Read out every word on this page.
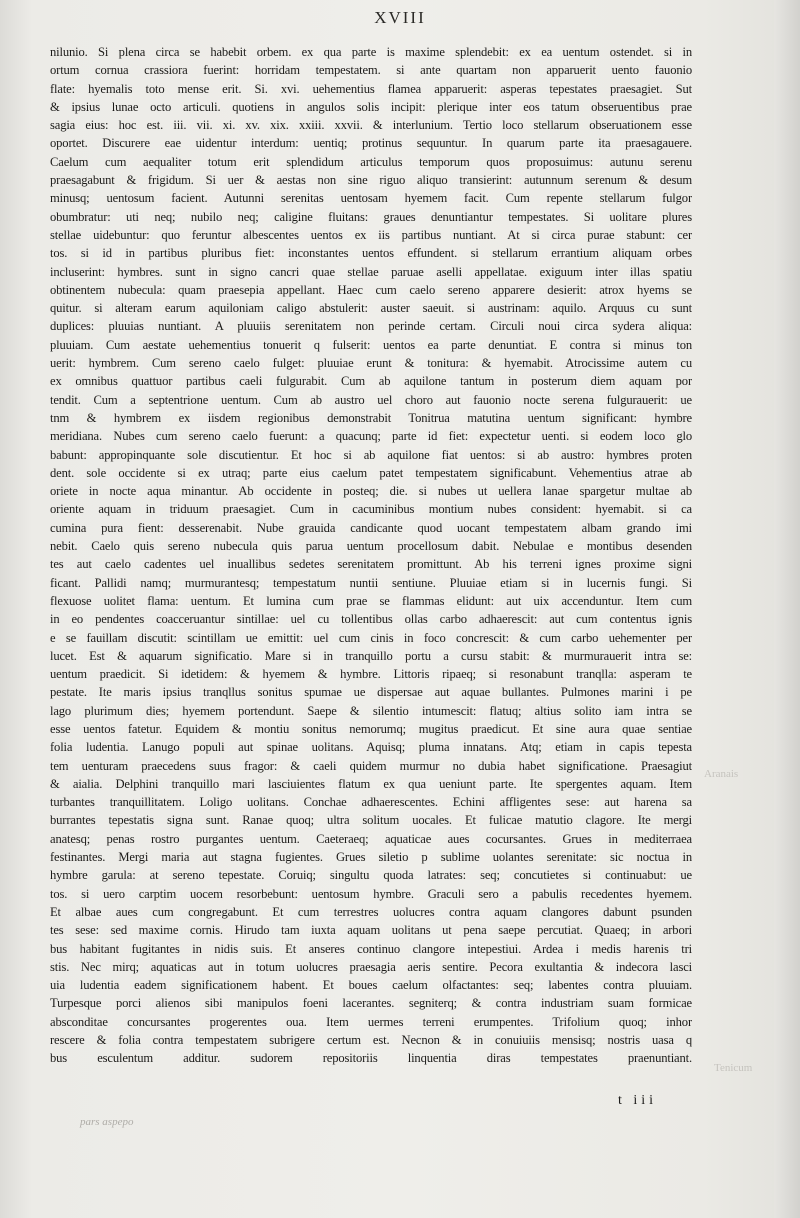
Aranais
Tenicum
pars aspepo
XVIII
nilunio. Si plena circa se habebit orbem. ex qua parte is maxime splendebit: ex ea uentum ostendet. si in
ortum cornua crassiora fuerint: horridam tempestatem. si ante quartam non apparuerit uento fauonio
flate: hyemalis toto mense erit. Si. xvi. uehementius flamea apparuerit: asperas tepestates praesagiet. Sut
& ipsius lunae octo articuli. quotiens in angulos solis incipit: plerique inter eos tatum obseruentibus prae
sagia eius: hoc est. iii. vii. xi. xv. xix. xxiii. xxvii. & interlunium. Tertio loco stellarum obseruationem esse
oportet. Discurere eae uidentur interdum: uentiq; protinus sequuntur. In quarum parte ita praesagauere.
Caelum cum aequaliter totum erit splendidum articulus temporum quos proposuimus: autunu serenu
praesagabunt & frigidum. Si uer & aestas non sine riguo aliquo transierint: autunnum serenum & desum
minusq; uentosum facient. Autunni serenitas uentosam hyemem facit. Cum repente stellarum fulgor
obumbratur: uti neq; nubilo neq; caligine fluitans: graues denuntiantur tempestates. Si uolitare plures
stellae uidebuntur: quo feruntur albescentes uentos ex iis partibus nuntiant. At si circa purae stabunt: cer
tos. si id in partibus pluribus fiet: inconstantes uentos effundent. si stellarum errantium aliquam orbes
incluserint: hymbres. sunt in signo cancri quae stellae paruae aselli appellatae. exiguum inter illas spatiu
obtinentem nubecula: quam praesepia appellant. Haec cum caelo sereno apparere desierit: atrox hyems se
quitur. si alteram earum aquiloniam caligo abstulerit: auster saeuit. si austrinam: aquilo. Arquus cu sunt
duplices: pluuias nuntiant. A pluuiis serenitatem non perinde certam. Circuli noui circa sydera aliqua:
pluuiam. Cum aestate uehementius tonuerit q fulserit: uentos ea parte denuntiat. E contra si minus ton
uerit: hymbrem. Cum sereno caelo fulget: pluuiae erunt & tonitura: & hyemabit. Atrocissime autem cu
ex omnibus quattuor partibus caeli fulgurabit. Cum ab aquilone tantum in posterum diem aquam por
tendit. Cum a septentrione uentum. Cum ab austro uel choro aut fauonio nocte serena fulgurauerit: ue
tnm & hymbrem ex iisdem regionibus demonstrabit Tonitrua matutina uentum significant: hymbre
meridiana. Nubes cum sereno caelo fuerunt: a quacunq; parte id fiet: expectetur uenti. si eodem loco glo
babunt: appropinquante sole discutientur. Et hoc si ab aquilone fiat uentos: si ab austro: hymbres proten
dent. sole occidente si ex utraq; parte eius caelum patet tempestatem significabunt. Vehementius atrae ab
oriete in nocte aqua minantur. Ab occidente in posteq; die. si nubes ut uellera lanae spargetur multae ab
oriente aquam in triduum praesagiet. Cum in cacuminibus montium nubes consident: hyemabit. si ca
cumina pura fient: desserenabit. Nube grauida candicante quod uocant tempestatem albam grando imi
nebit. Caelo quis sereno nubecula quis parua uentum procellosum dabit. Nebulae e montibus desenden
tes aut caelo cadentes uel inuallibus sedetes serenitatem promittunt. Ab his terreni ignes proxime signi
ficant. Pallidi namq; murmurantesq; tempestatum nuntii sentiune. Pluuiae etiam si in lucernis fungi. Si
flexuose uolitet flama: uentum. Et lumina cum prae se flammas elidunt: aut uix accenduntur. Item cum
in eo pendentes coacceruantur sintillae: uel cu tollentibus ollas carbo adhaerescit: aut cum contentus ignis
e se fauillam discutit: scintillam ue emittit: uel cum cinis in foco concrescit: & cum carbo uehementer per
lucet. Est & aquarum significatio. Mare si in tranquillo portu a cursu stabit: & murmurauerit intra se:
uentum praedicit. Si idetidem: & hyemem & hymbre. Littoris ripaeq; si resonabunt tranqlla: asperam te
pestate. Ite maris ipsius tranqllus sonitus spumae ue dispersae aut aquae bullantes. Pulmones marini i pe
lago plurimum dies; hyemem portendunt. Saepe & silentio intumescit: flatuq; altius solito iam intra se
esse uentos fatetur. Equidem & montiu sonitus nemorumq; mugitus praedicut. Et sine aura quae sentiae
folia ludentia. Lanugo populi aut spinae uolitans. Aquisq; pluma innatans. Atq; etiam in capis tepesta
tem uenturam praecedens suus fragor: & caeli quidem murmur no dubia habet significatione. Praesagiut
& aialia. Delphini tranquillo mari lasciuientes flatum ex qua ueniunt parte. Ite spergentes aquam. Item
turbantes tranquillitatem. Loligo uolitans. Conchae adhaerescentes. Echini affligentes sese: aut harena sa
burrantes tepestatis signa sunt. Ranae quoq; ultra solitum uocales. Et fulicae matutio clagore. Ite mergi
anatesq; penas rostro purgantes uentum. Caeteraeq; aquaticae aues cocursantes. Grues in mediterraea
festinantes. Mergi maria aut stagna fugientes. Grues siletio p sublime uolantes serenitate: sic noctua in
hymbre garula: at sereno tepestate. Coruiq; singultu quoda latrates: seq; concutietes si continuabut: ue
tos. si uero carptim uocem resorbebunt: uentosum hymbre. Graculi sero a pabulis recedentes hyemem.
Et albae aues cum congregabunt. Et cum terrestres uolucres contra aquam clangores dabunt psunden
tes sese: sed maxime cornis. Hirudo tam iuxta aquam uolitans ut pena saepe percutiat. Quaeq; in arbori
bus habitant fugitantes in nidis suis. Et anseres continuo clangore intepestiui. Ardea i medis harenis tri
stis. Nec mirq; aquaticas aut in totum uolucres praesagia aeris sentire. Pecora exultantia & indecora lasci
uia ludentia eadem significationem habent. Et boues caelum olfactantes: seq; labentes contra pluuiam.
Turpesque porci alienos sibi manipulos foeni lacerantes. segniterq; & contra industriam suam formicae
absconditae concursantes progerentes oua. Item uermes terreni erumpentes. Trifolium quoq; inhor
rescere & folia contra tempestatem subrigere certum est. Necnon & in conuiuiis mensisq; nostris uasa q
bus esculentum additur. sudorem repositoriis linquentia diras tempestates praenuntiant.
t iii
